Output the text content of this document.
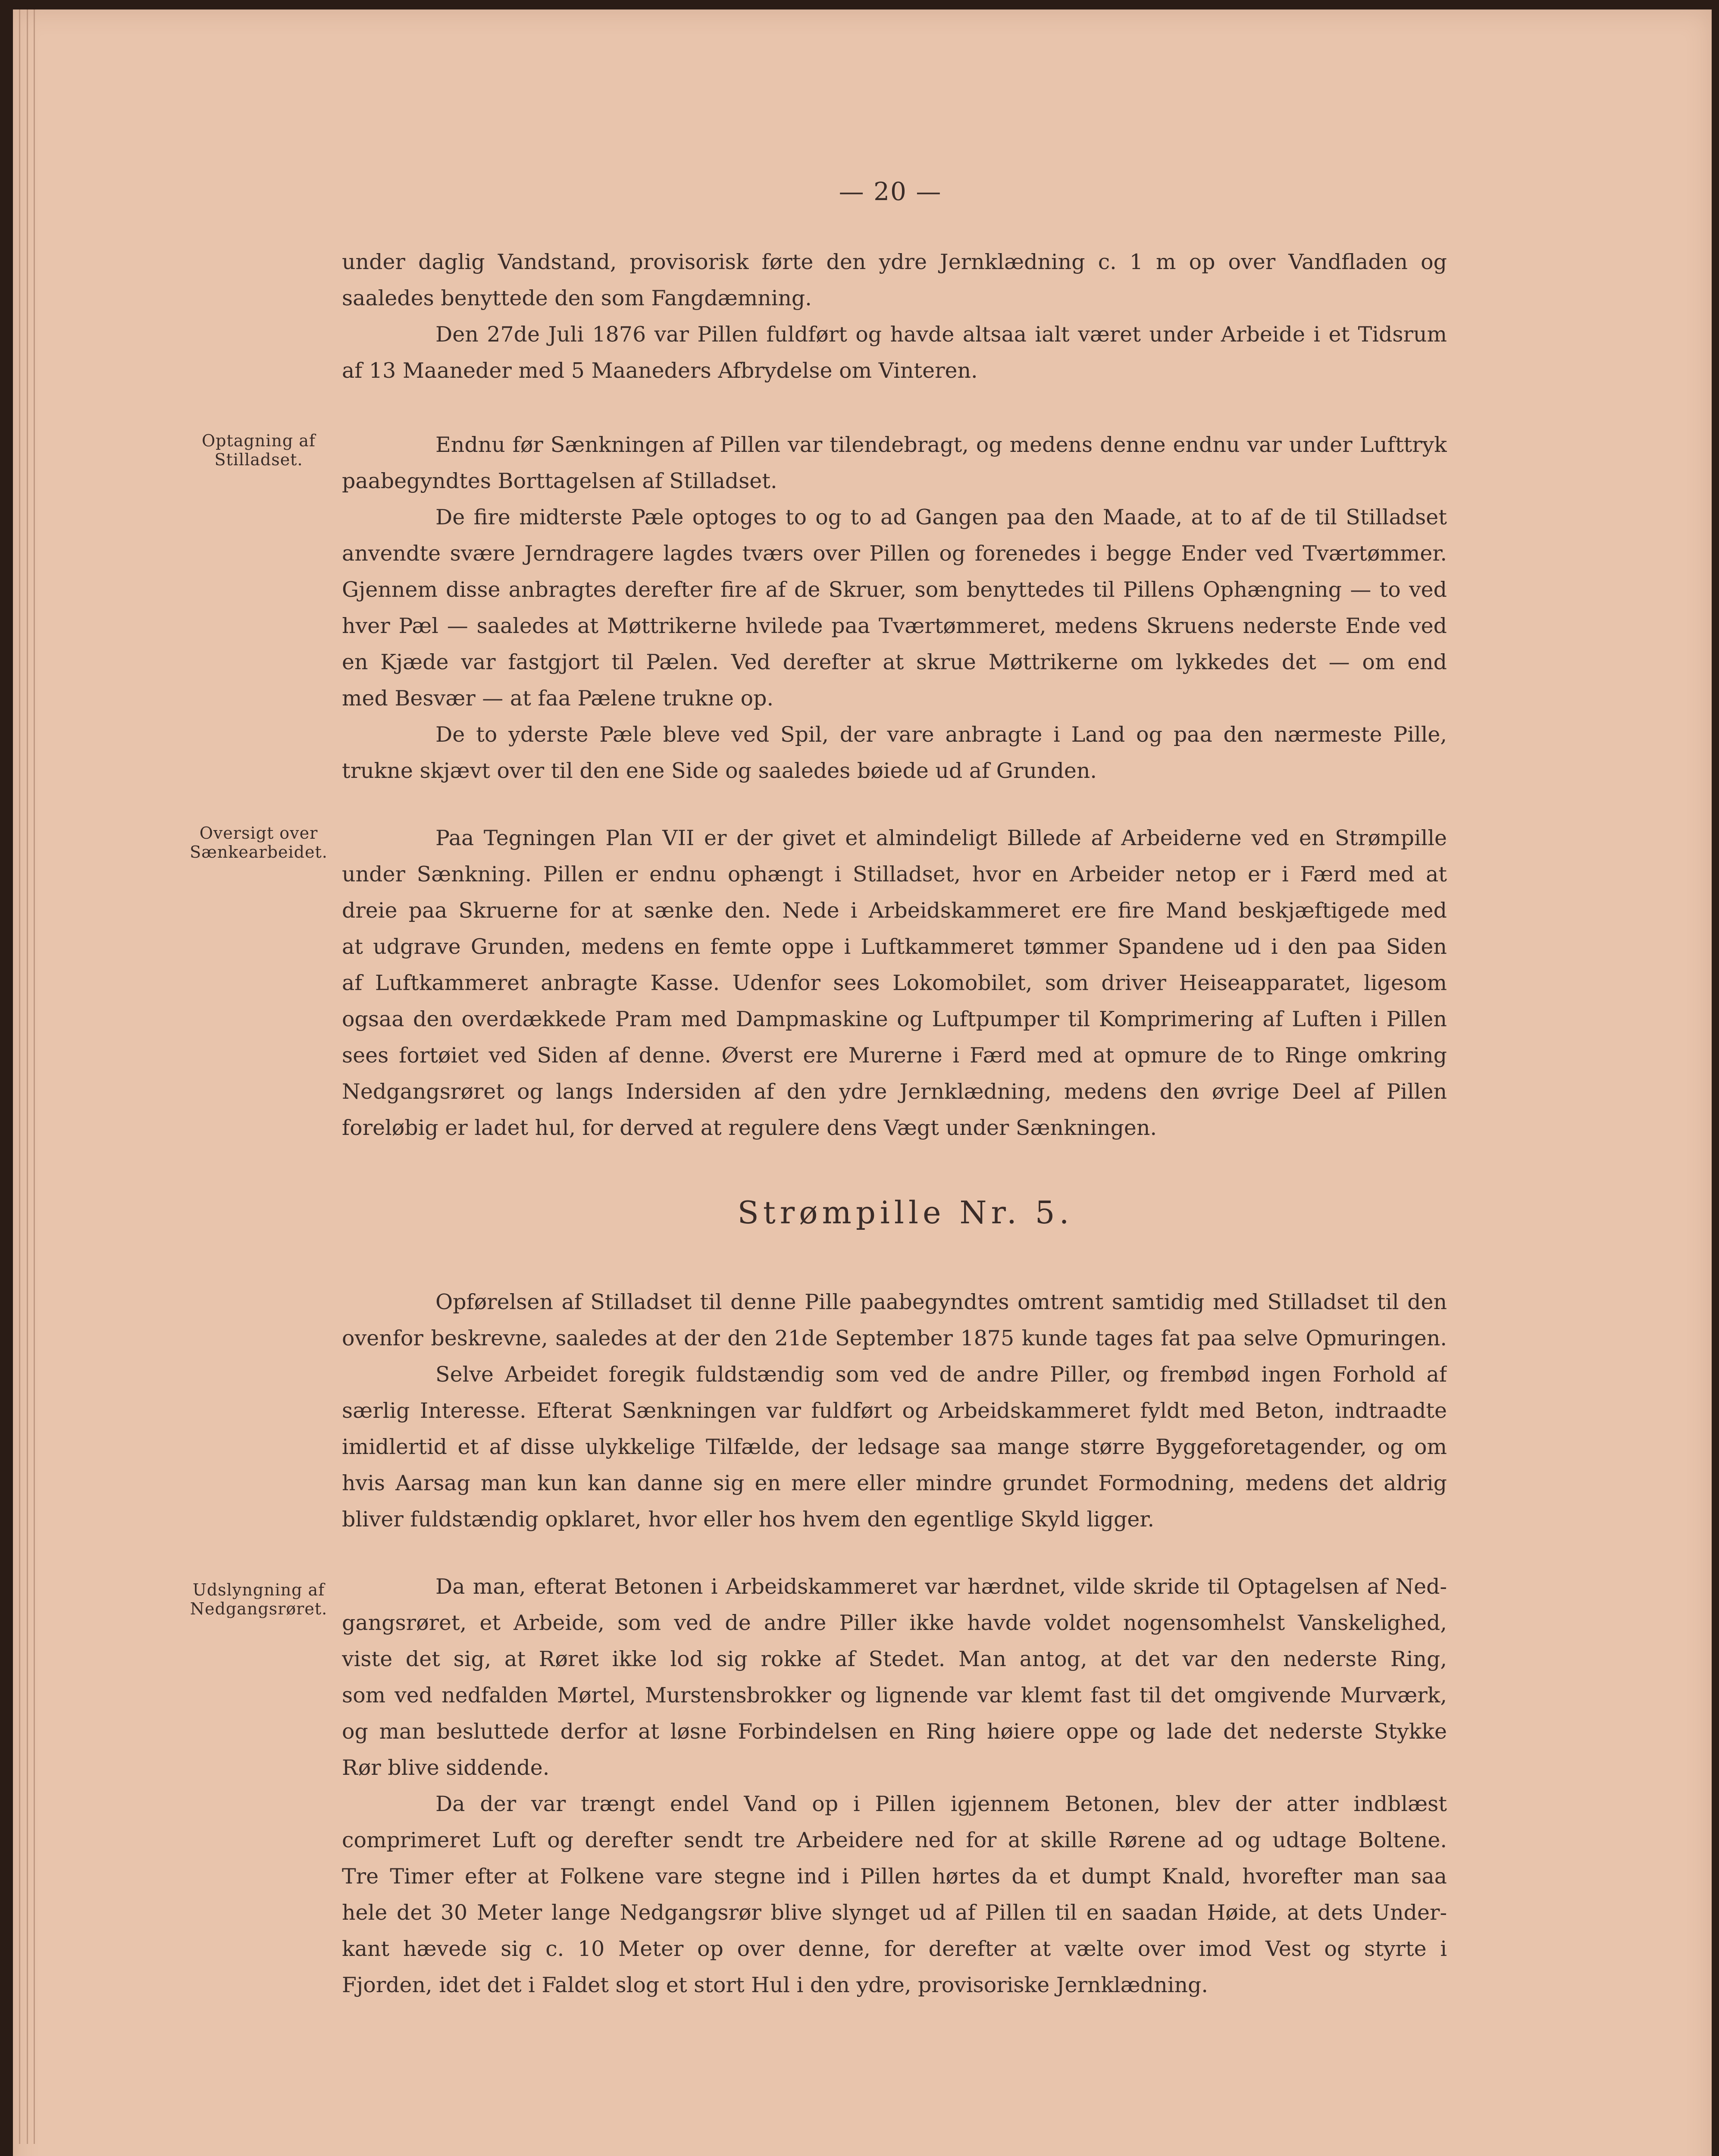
— 20 —
Optagning af
Stilladset.
Oversigt over
Sænkearbeidet.
Udslyngning af
Nedgangsrøret.
under daglig Vandstand, provisorisk førte den ydre Jernklædning c. 1 m op over Vandfladen og
saaledes benyttede den som Fangdæmning.
Den 27de Juli 1876 var Pillen fuldført og havde altsaa ialt været under Arbeide i et Tidsrum
af 13 Maaneder med 5 Maaneders Afbrydelse om Vinteren.
Endnu før Sænkningen af Pillen var tilendebragt, og medens denne endnu var under Lufttryk
paabegyndtes Borttagelsen af Stilladset.
De fire midterste Pæle optoges to og to ad Gangen paa den Maade, at to af de til Stilladset
anvendte svære Jerndragere lagdes tværs over Pillen og forenedes i begge Ender ved Tværtømmer.
Gjennem disse anbragtes derefter fire af de Skruer, som benyttedes til Pillens Ophængning — to ved
hver Pæl — saaledes at Møttrikerne hvilede paa Tværtømmeret, medens Skruens nederste Ende ved
en Kjæde var fastgjort til Pælen. Ved derefter at skrue Møttrikerne om lykkedes det — om end
med Besvær — at faa Pælene trukne op.
De to yderste Pæle bleve ved Spil, der vare anbragte i Land og paa den nærmeste Pille,
trukne skjævt over til den ene Side og saaledes bøiede ud af Grunden.
Paa Tegningen Plan VII er der givet et almindeligt Billede af Arbeiderne ved en Strømpille
under Sænkning. Pillen er endnu ophængt i Stilladset, hvor en Arbeider netop er i Færd med at
dreie paa Skruerne for at sænke den. Nede i Arbeidskammeret ere fire Mand beskjæftigede med
at udgrave Grunden, medens en femte oppe i Luftkammeret tømmer Spandene ud i den paa Siden
af Luftkammeret anbragte Kasse. Udenfor sees Lokomobilet, som driver Heiseapparatet, ligesom
ogsaa den overdækkede Pram med Dampmaskine og Luftpumper til Komprimering af Luften i Pillen
sees fortøiet ved Siden af denne. Øverst ere Murerne i Færd med at opmure de to Ringe omkring
Nedgangsrøret og langs Indersiden af den ydre Jernklædning, medens den øvrige Deel af Pillen
foreløbig er ladet hul, for derved at regulere dens Vægt under Sænkningen.
Strømpille Nr. 5.
Opførelsen af Stilladset til denne Pille paabegyndtes omtrent samtidig med Stilladset til den
ovenfor beskrevne, saaledes at der den 21de September 1875 kunde tages fat paa selve Opmuringen.
Selve Arbeidet foregik fuldstændig som ved de andre Piller, og frembød ingen Forhold af
særlig Interesse. Efterat Sænkningen var fuldført og Arbeidskammeret fyldt med Beton, indtraadte
imidlertid et af disse ulykkelige Tilfælde, der ledsage saa mange større Byggeforetagender, og om
hvis Aarsag man kun kan danne sig en mere eller mindre grundet Formodning, medens det aldrig
bliver fuldstændig opklaret, hvor eller hos hvem den egentlige Skyld ligger.
Da man, efterat Betonen i Arbeidskammeret var hærdnet, vilde skride til Optagelsen af Ned-
gangsrøret, et Arbeide, som ved de andre Piller ikke havde voldet nogensomhelst Vanskelighed,
viste det sig, at Røret ikke lod sig rokke af Stedet. Man antog, at det var den nederste Ring,
som ved nedfalden Mørtel, Murstensbrokker og lignende var klemt fast til det omgivende Murværk,
og man besluttede derfor at løsne Forbindelsen en Ring høiere oppe og lade det nederste Stykke
Rør blive siddende.
Da der var trængt endel Vand op i Pillen igjennem Betonen, blev der atter indblæst
comprimeret Luft og derefter sendt tre Arbeidere ned for at skille Rørene ad og udtage Boltene.
Tre Timer efter at Folkene vare stegne ind i Pillen hørtes da et dumpt Knald, hvorefter man saa
hele det 30 Meter lange Nedgangsrør blive slynget ud af Pillen til en saadan Høide, at dets Under-
kant hævede sig c. 10 Meter op over denne, for derefter at vælte over imod Vest og styrte i
Fjorden, idet det i Faldet slog et stort Hul i den ydre, provisoriske Jernklædning.
